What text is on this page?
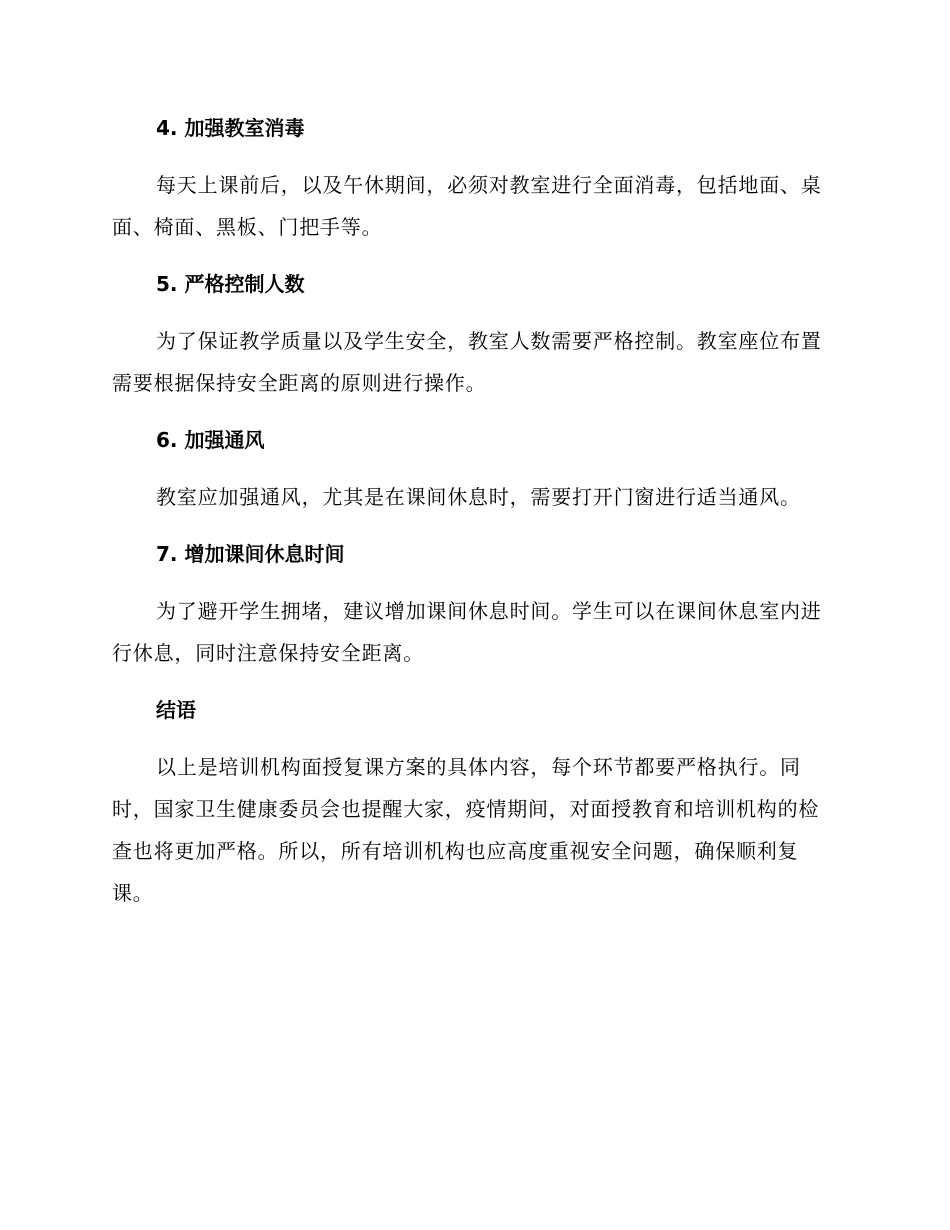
4. 加强教室消毒

每天上课前后，以及午休期间，必须对教室进行全面消毒，包括地面、桌面、椅面、黑板、门把手等。

5. 严格控制人数

为了保证教学质量以及学生安全，教室人数需要严格控制。教室座位布置需要根据保持安全距离的原则进行操作。

6. 加强通风

教室应加强通风，尤其是在课间休息时，需要打开门窗进行适当通风。

7. 增加课间休息时间

为了避开学生拥堵，建议增加课间休息时间。学生可以在课间休息室内进行休息，同时注意保持安全距离。

结语

以上是培训机构面授复课方案的具体内容，每个环节都要严格执行。同时，国家卫生健康委员会也提醒大家，疫情期间，对面授教育和培训机构的检查也将更加严格。所以，所有培训机构也应高度重视安全问题，确保顺利复课。
